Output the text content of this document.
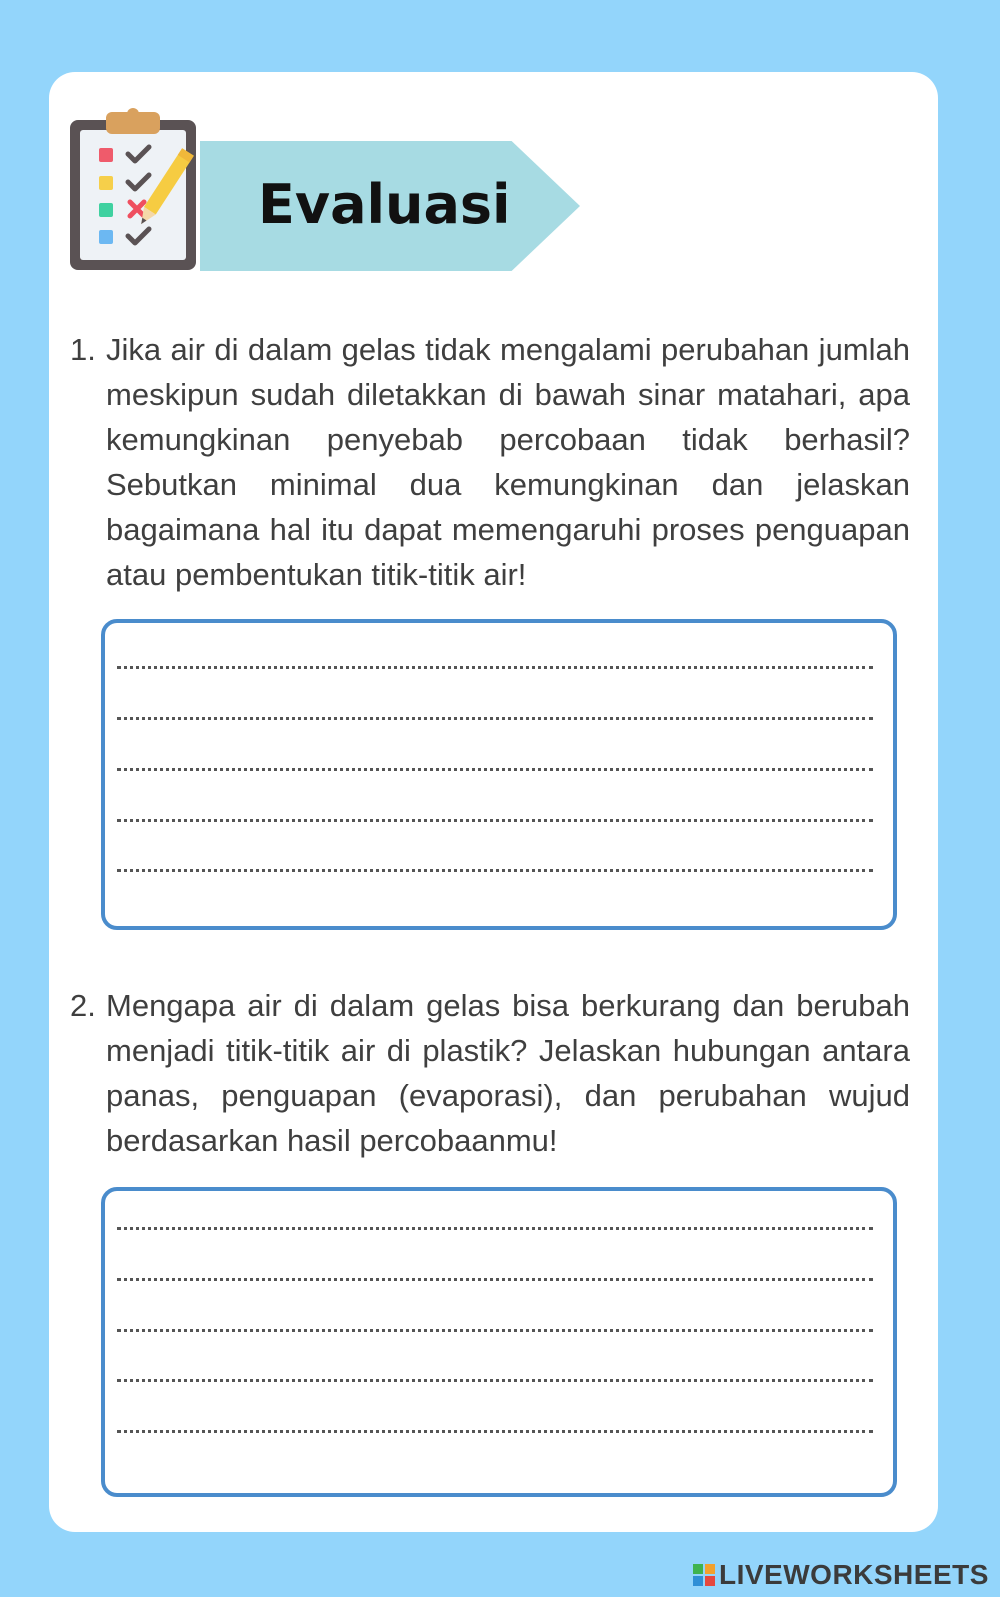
Evaluasi
1. Jika air di dalam gelas tidak mengalami perubahan jumlah meskipun sudah diletakkan di bawah sinar matahari, apa kemungkinan penyebab percobaan tidak berhasil? Sebutkan minimal dua kemungkinan dan jelaskan bagaimana hal itu dapat memengaruhi proses penguapan atau pembentukan titik-titik air!
2. Mengapa air di dalam gelas bisa berkurang dan berubah menjadi titik-titik air di plastik? Jelaskan hubungan antara panas, penguapan (evaporasi), dan perubahan wujud berdasarkan hasil percobaanmu!
LIVEWORKSHEETS
